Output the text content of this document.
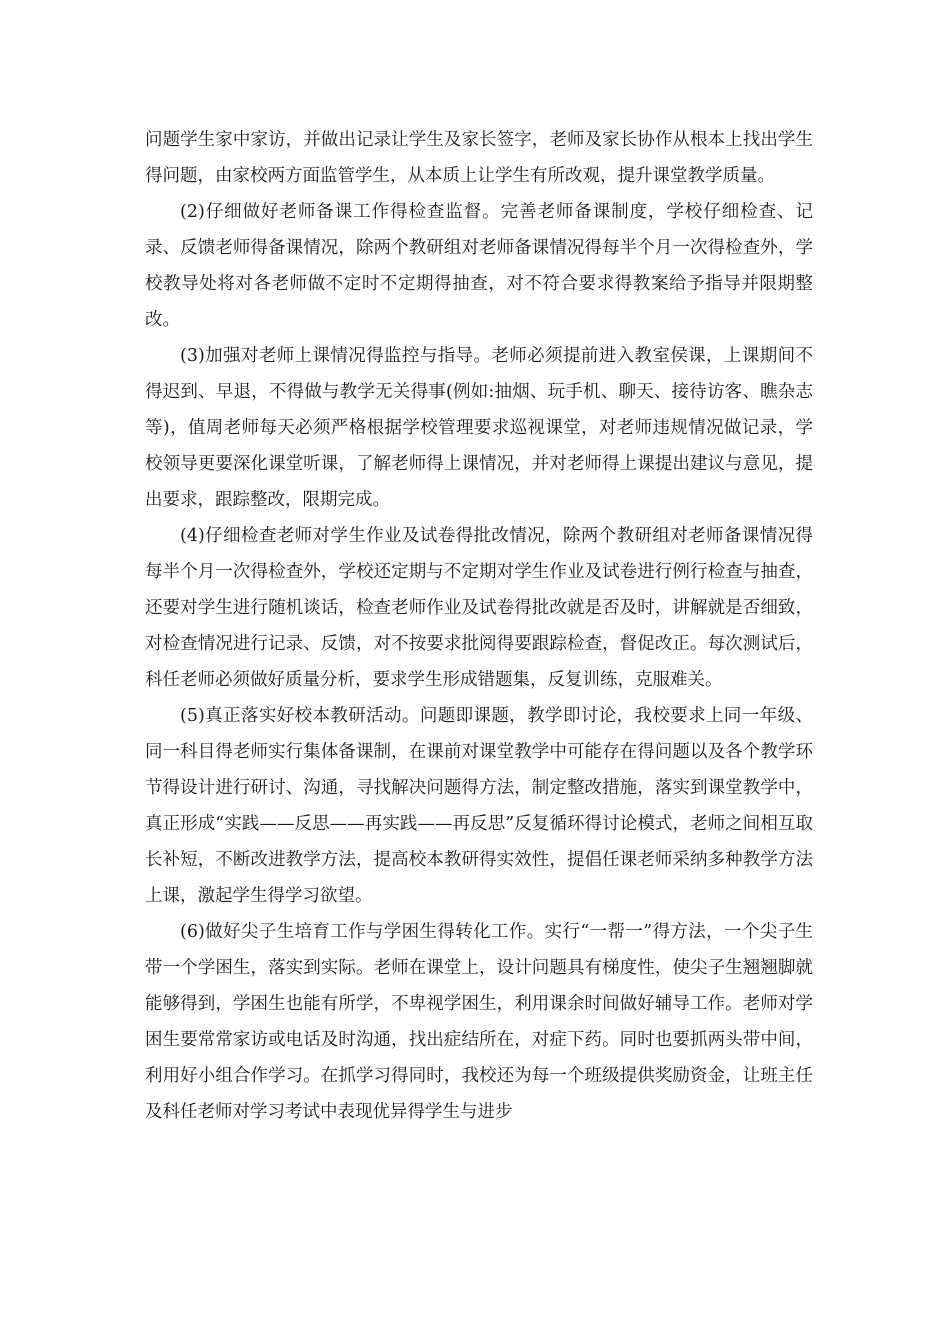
问题学生家中家访，并做出记录让学生及家长签字，老师及家长协作从根本上找出学生得问题，由家校两方面监管学生，从本质上让学生有所改观，提升课堂教学质量。

(2)仔细做好老师备课工作得检查监督。完善老师备课制度，学校仔细检查、记录、反馈老师得备课情况，除两个教研组对老师备课情况得每半个月一次得检查外，学校教导处将对各老师做不定时不定期得抽查，对不符合要求得教案给予指导并限期整改。

(3)加强对老师上课情况得监控与指导。老师必须提前进入教室侯课，上课期间不得迟到、早退，不得做与教学无关得事(例如:抽烟、玩手机、聊天、接待访客、瞧杂志等)，值周老师每天必须严格根据学校管理要求巡视课堂，对老师违规情况做记录，学校领导更要深化课堂听课，了解老师得上课情况，并对老师得上课提出建议与意见，提出要求，跟踪整改，限期完成。

(4)仔细检查老师对学生作业及试卷得批改情况，除两个教研组对老师备课情况得每半个月一次得检查外，学校还定期与不定期对学生作业及试卷进行例行检查与抽查，还要对学生进行随机谈话，检查老师作业及试卷得批改就是否及时，讲解就是否细致，对检查情况进行记录、反馈，对不按要求批阅得要跟踪检查，督促改正。每次测试后，科任老师必须做好质量分析，要求学生形成错题集，反复训练，克服难关。

(5)真正落实好校本教研活动。问题即课题，教学即讨论，我校要求上同一年级、同一科目得老师实行集体备课制，在课前对课堂教学中可能存在得问题以及各个教学环节得设计进行研讨、沟通，寻找解决问题得方法，制定整改措施，落实到课堂教学中，真正形成“实践——反思——再实践——再反思”反复循环得讨论模式，老师之间相互取长补短，不断改进教学方法，提高校本教研得实效性，提倡任课老师采纳多种教学方法上课，激起学生得学习欲望。

(6)做好尖子生培育工作与学困生得转化工作。实行“一帮一”得方法，一个尖子生带一个学困生，落实到实际。老师在课堂上，设计问题具有梯度性，使尖子生翘翘脚就能够得到，学困生也能有所学，不卑视学困生，利用课余时间做好辅导工作。老师对学困生要常常家访或电话及时沟通，找出症结所在，对症下药。同时也要抓两头带中间，利用好小组合作学习。在抓学习得同时，我校还为每一个班级提供奖励资金，让班主任及科任老师对学习考试中表现优异得学生与进步
